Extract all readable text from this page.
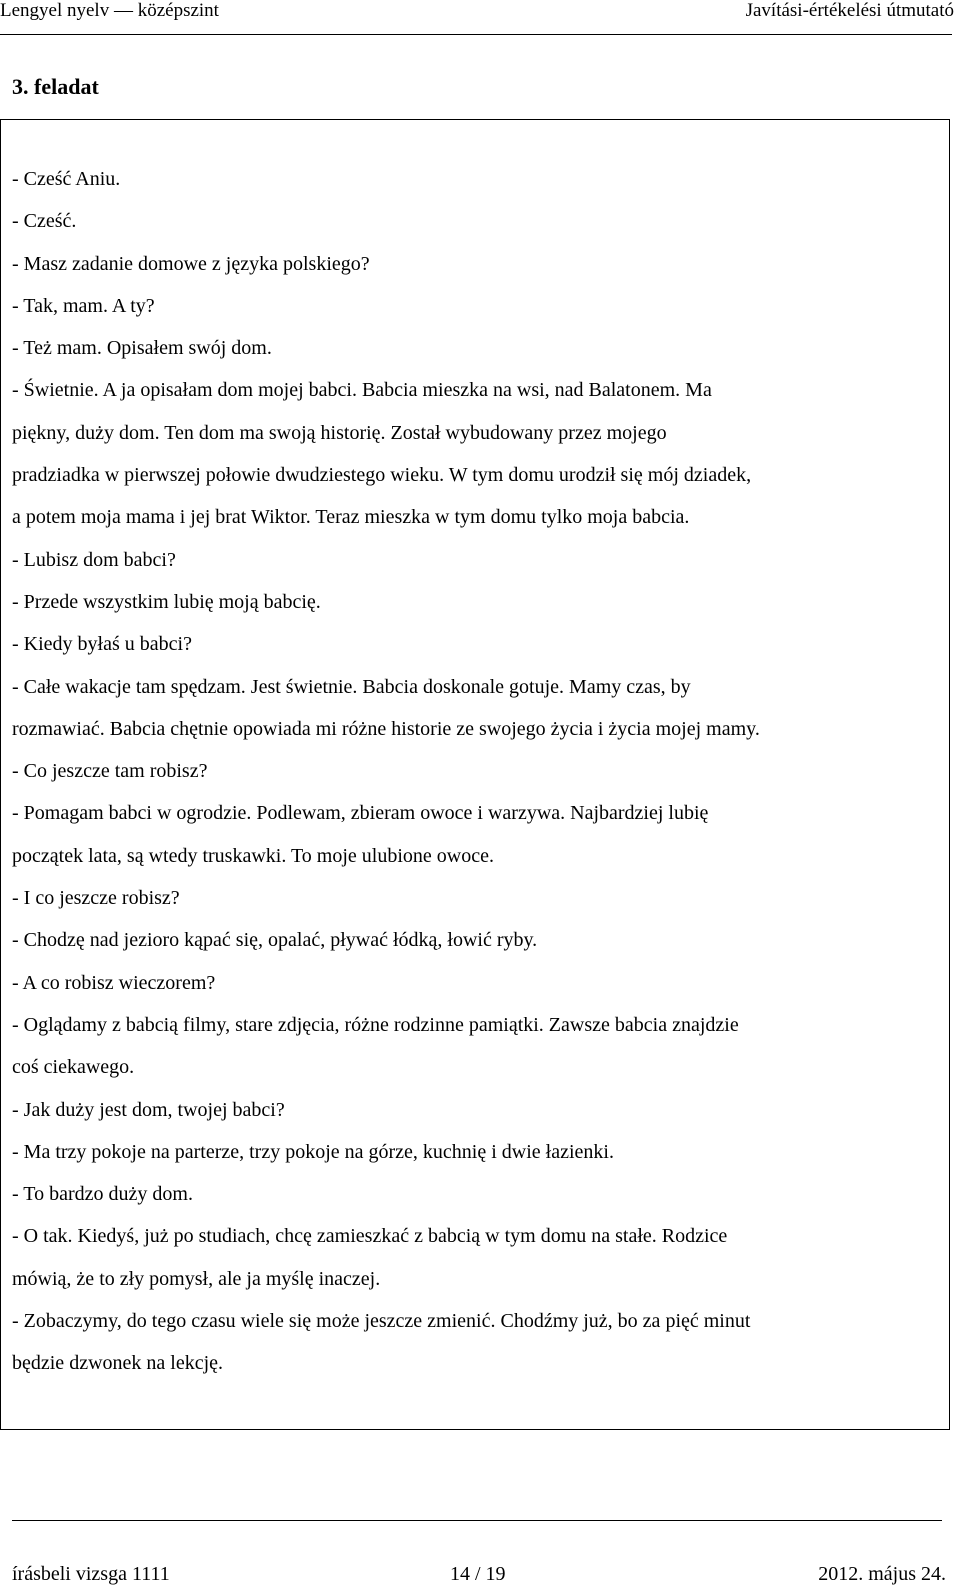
Lengyel nyelv — középszint	Javítási-értékelési útmutató
3. feladat
- Cześć Aniu.
- Cześć.
- Masz zadanie domowe z języka polskiego?
- Tak, mam. A ty?
- Też mam. Opisałem swój dom.
- Świetnie. A ja opisałam dom mojej babci. Babcia mieszka na wsi, nad Balatonem. Ma
piękny, duży dom. Ten dom ma swoją historię. Został wybudowany przez mojego
pradziadka w pierwszej połowie dwudziestego wieku. W tym domu urodził się mój dziadek,
a potem moja mama i jej brat Wiktor. Teraz mieszka w tym domu tylko moja babcia.
- Lubisz dom babci?
- Przede wszystkim lubię moją babcię.
- Kiedy byłaś u babci?
- Całe wakacje tam spędzam. Jest świetnie. Babcia doskonale gotuje. Mamy czas, by
rozmawiać. Babcia chętnie opowiada mi różne historie ze swojego życia i życia mojej mamy.
- Co jeszcze tam robisz?
- Pomagam babci w ogrodzie. Podlewam, zbieram owoce i warzywa. Najbardziej lubię
początek lata, są wtedy truskawki. To moje ulubione owoce.
- I co jeszcze robisz?
- Chodzę nad jezioro kąpać się, opalać, pływać łódką, łowić ryby.
- A co robisz wieczorem?
- Oglądamy z babcią filmy, stare zdjęcia, różne rodzinne pamiątki. Zawsze babcia znajdzie
coś ciekawego.
- Jak duży jest dom, twojej babci?
- Ma trzy pokoje na parterze, trzy pokoje na górze, kuchnię i dwie łazienki.
- To bardzo duży dom.
- O tak. Kiedyś, już po studiach, chcę zamieszkać z babcią w tym domu na stałe. Rodzice
mówią, że to zły pomysł, ale ja myślę inaczej.
- Zobaczymy, do tego czasu wiele się może jeszcze zmienić. Chodźmy już, bo za pięć minut
będzie dzwonek na lekcję.
írásbeli vizsga 1111	14 / 19	2012. május 24.
